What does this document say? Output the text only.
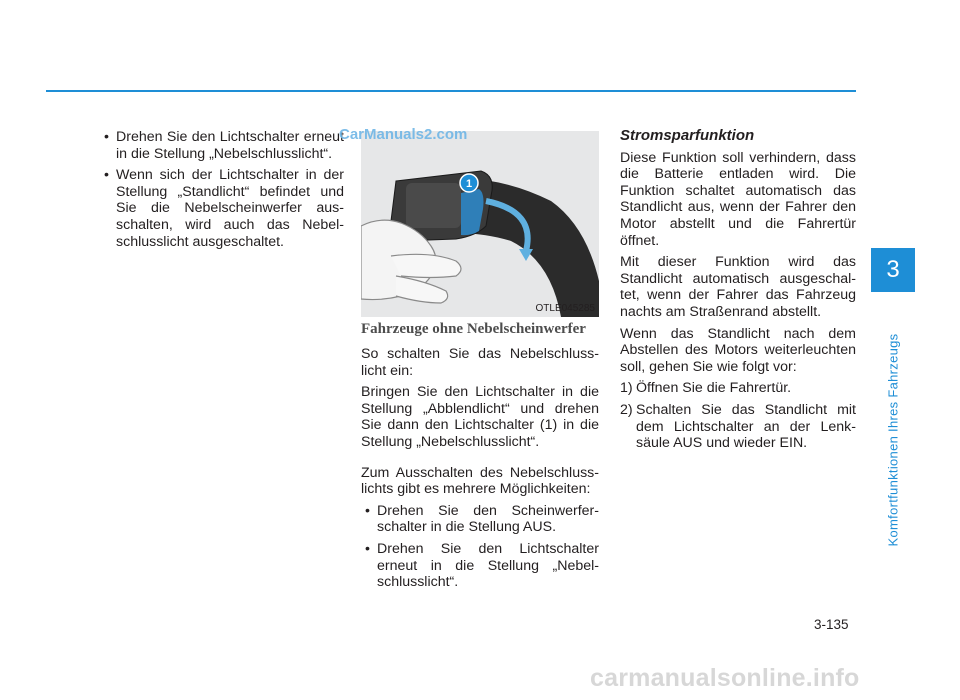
• Drehen Sie den Lichtschalter erneut in die Stellung „Nebelschlusslicht“.
• Wenn sich der Lichtschalter in der Stellung „Standlicht“ befindet und Sie die Nebelscheinwerfer aus- schalten, wird auch das Nebel- schlusslicht ausgeschaltet.
1
OTLE045285
CarManuals2.com
Fahrzeuge ohne Nebelscheinwerfer

So schalten Sie das Nebelschluss- licht ein:

Bringen Sie den Lichtschalter in die Stellung „Abblendlicht“ und drehen Sie dann den Lichtschalter (1) in die Stellung „Nebelschlusslicht“.

Zum Ausschalten des Nebelschluss- lichts gibt es mehrere Möglichkeiten:

• Drehen Sie den Scheinwerfer- schalter in die Stellung AUS.
• Drehen Sie den Lichtschalter erneut in die Stellung „Nebel- schlusslicht“.

Stromsparfunktion

Diese Funktion soll verhindern, dass die Batterie entladen wird. Die Funktion schaltet automatisch das Standlicht aus, wenn der Fahrer den Motor abstellt und die Fahrertür öffnet.

Mit dieser Funktion wird das Standlicht automatisch ausgeschal- tet, wenn der Fahrer das Fahrzeug nachts am Straßenrand abstellt.

Wenn das Standlicht nach dem Abstellen des Motors weiterleuchten soll, gehen Sie wie folgt vor:

1) Öffnen Sie die Fahrertür.
2) Schalten Sie das Standlicht mit dem Lichtschalter an der Lenk- säule AUS und wieder EIN.
3
Komfortfunktionen Ihres Fahrzeugs
3-135
carmanualsonline.info
